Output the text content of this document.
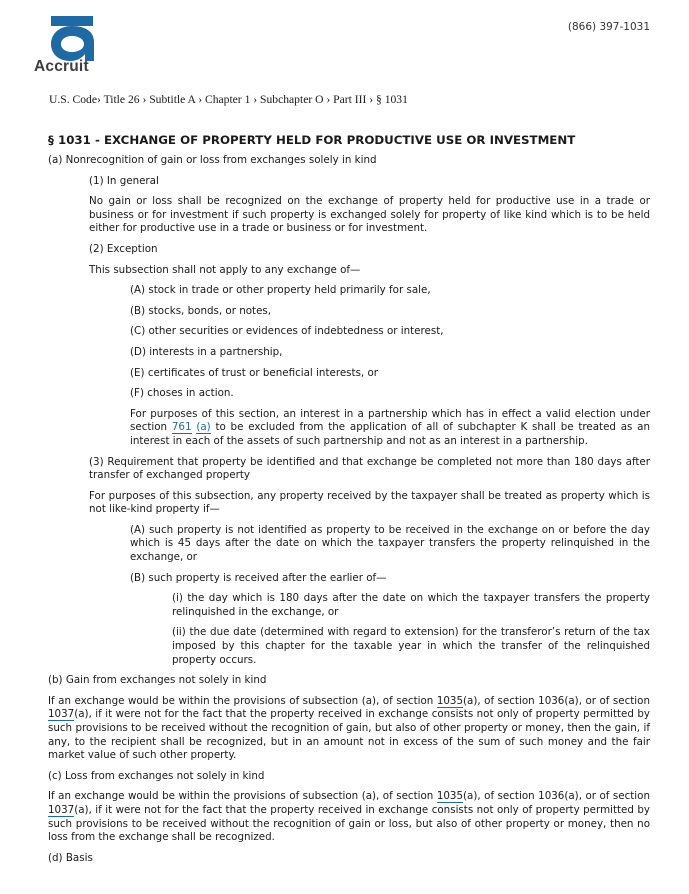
Accruit
(866) 397-1031
U.S. Code› Title 26 › Subtitle A › Chapter 1 › Subchapter O › Part III › § 1031
§ 1031 - EXCHANGE OF PROPERTY HELD FOR PRODUCTIVE USE OR INVESTMENT

(a) Nonrecognition of gain or loss from exchanges solely in kind

(1) In general

No gain or loss shall be recognized on the exchange of property held for productive use in a trade or business or for investment if such property is exchanged solely for property of like kind which is to be held either for productive use in a trade or business or for investment.

(2) Exception

This subsection shall not apply to any exchange of—

(A) stock in trade or other property held primarily for sale,

(B) stocks, bonds, or notes,

(C) other securities or evidences of indebtedness or interest,

(D) interests in a partnership,

(E) certificates of trust or beneficial interests, or

(F) choses in action.

For purposes of this section, an interest in a partnership which has in effect a valid election under section 761 (a) to be excluded from the application of all of subchapter K shall be treated as an interest in each of the assets of such partnership and not as an interest in a partnership.

(3) Requirement that property be identified and that exchange be completed not more than 180 days after transfer of exchanged property

For purposes of this subsection, any property received by the taxpayer shall be treated as property which is not like-kind property if—

(A) such property is not identified as property to be received in the exchange on or before the day which is 45 days after the date on which the taxpayer transfers the property relinquished in the exchange, or

(B) such property is received after the earlier of—

(i) the day which is 180 days after the date on which the taxpayer transfers the property relinquished in the exchange, or

(ii) the due date (determined with regard to extension) for the transferor’s return of the tax imposed by this chapter for the taxable year in which the transfer of the relinquished property occurs.

(b) Gain from exchanges not solely in kind

If an exchange would be within the provisions of subsection (a), of section 1035(a), of section 1036(a), or of section 1037(a), if it were not for the fact that the property received in exchange consists not only of property permitted by such provisions to be received without the recognition of gain, but also of other property or money, then the gain, if any, to the recipient shall be recognized, but in an amount not in excess of the sum of such money and the fair market value of such other property.

(c) Loss from exchanges not solely in kind

If an exchange would be within the provisions of subsection (a), of section 1035(a), of section 1036(a), or of section 1037(a), if it were not for the fact that the property received in exchange consists not only of property permitted by such provisions to be received without the recognition of gain or loss, but also of other property or money, then no loss from the exchange shall be recognized.

(d) Basis
